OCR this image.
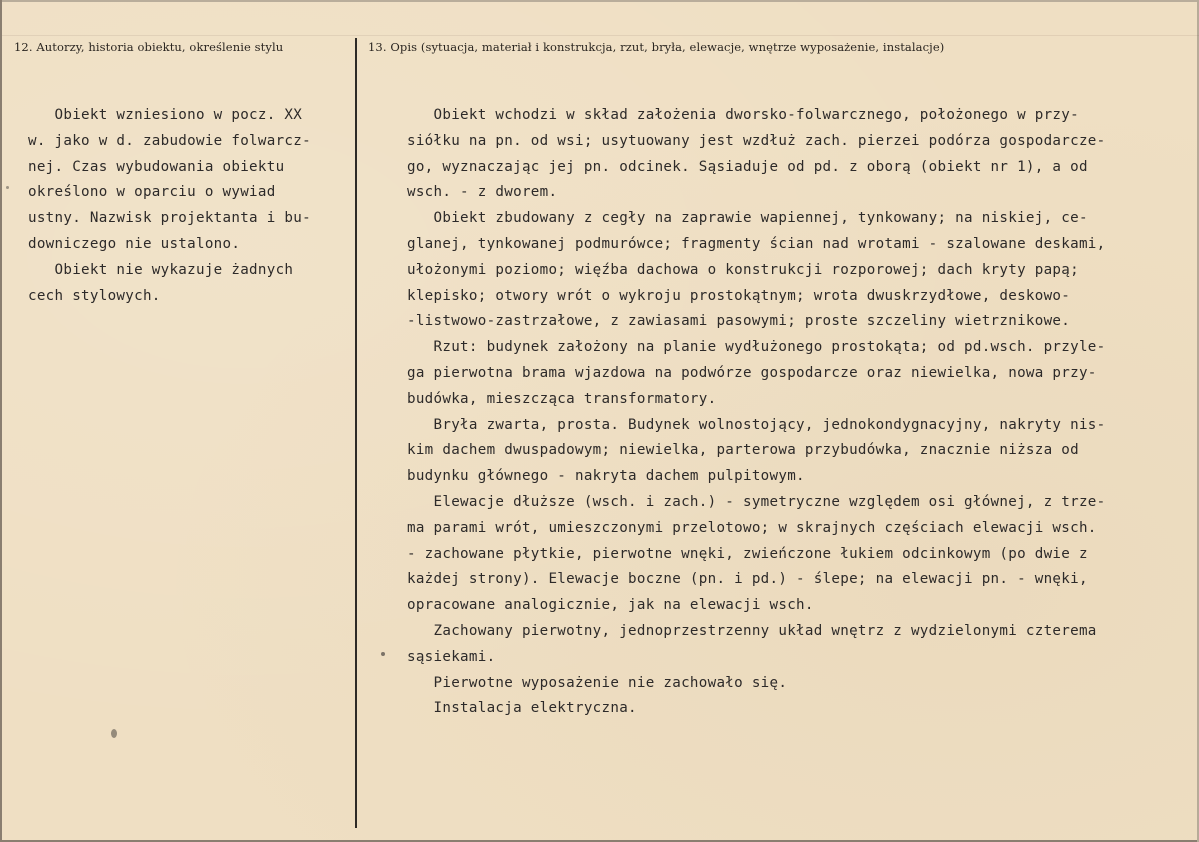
12. Autorzy, historia obiektu, określenie stylu	13. Opis (sytuacja, materiał i konstrukcja, rzut, bryła, elewacje, wnętrze wyposażenie, instalacje)
Obiekt wzniesiono w pocz. XX
w. jako w d. zabudowie folwarcz-
nej. Czas wybudowania obiektu
określono w oparciu o wywiad
ustny. Nazwisk projektanta i bu-
downiczego nie ustalono.
Obiekt nie wykazuje żadnych
cech stylowych.
Obiekt wchodzi w skład założenia dworsko-folwarcznego, położonego w przy-
siółku na pn. od wsi; usytuowany jest wzdłuż zach. pierzei podórza gospodarcze-
go, wyznaczając jej pn. odcinek. Sąsiaduje od pd. z oborą (obiekt nr 1), a od
wsch. - z dworem.
Obiekt zbudowany z cegły na zaprawie wapiennej, tynkowany; na niskiej, ce-
glanej, tynkowanej podmurówce; fragmenty ścian nad wrotami - szalowane deskami,
ułożonymi poziomo; więźba dachowa o konstrukcji rozporowej; dach kryty papą;
klepisko; otwory wrót o wykroju prostokątnym; wrota dwuskrzydłowe, deskowo-
-listwowo-zastrzałowe, z zawiasami pasowymi; proste szczeliny wietrznikowe.
Rzut: budynek założony na planie wydłużonego prostokąta; od pd.wsch. przyle-
ga pierwotna brama wjazdowa na podwórze gospodarcze oraz niewielka, nowa przy-
budówka, mieszcząca transformatory.
Bryła zwarta, prosta. Budynek wolnostojący, jednokondygnacyjny, nakryty nis-
kim dachem dwuspadowym; niewielka, parterowa przybudówka, znacznie niższa od
budynku głównego - nakryta dachem pulpitowym.
Elewacje dłuższe (wsch. i zach.) - symetryczne względem osi głównej, z trze-
ma parami wrót, umieszczonymi przelotowo; w skrajnych częściach elewacji wsch.
- zachowane płytkie, pierwotne wnęki, zwieńczone łukiem odcinkowym (po dwie z
każdej strony). Elewacje boczne (pn. i pd.) - ślepe; na elewacji pn. - wnęki,
opracowane analogicznie, jak na elewacji wsch.
Zachowany pierwotny, jednoprzestrzenny układ wnętrz z wydzielonymi czterema
sąsiekami.
Pierwotne wyposażenie nie zachowało się.
Instalacja elektryczna.
